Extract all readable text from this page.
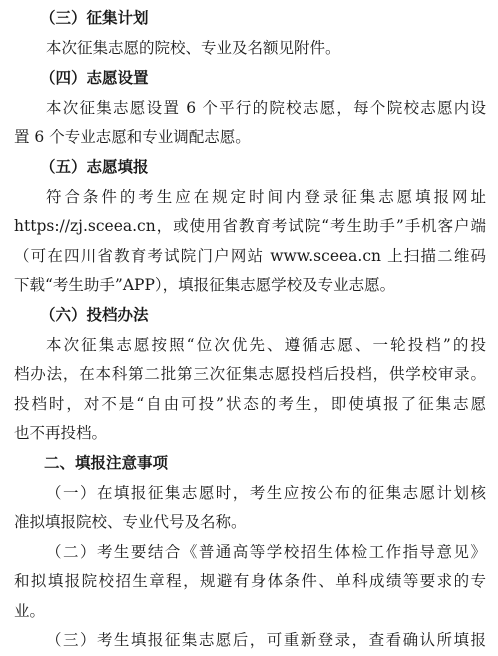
（三）征集计划
本次征集志愿的院校、专业及名额见附件。
（四）志愿设置
本次征集志愿设置 6 个平行的院校志愿，每个院校志愿内设
置 6 个专业志愿和专业调配志愿。
（五）志愿填报
符合条件的考生应在规定时间内登录征集志愿填报网址
https://zj.sceea.cn，或使用省教育考试院“考生助手”手机客户端
（可在四川省教育考试院门户网站 www.sceea.cn 上扫描二维码
下载“考生助手”APP），填报征集志愿学校及专业志愿。
（六）投档办法
本次征集志愿按照“位次优先、遵循志愿、一轮投档”的投
档办法，在本科第二批第三次征集志愿投档后投档，供学校审录。
投档时，对不是“自由可投”状态的考生，即使填报了征集志愿
也不再投档。
二、填报注意事项
（一）在填报征集志愿时，考生应按公布的征集志愿计划核
准拟填报院校、专业代号及名称。
（二）考生要结合《普通高等学校招生体检工作指导意见》
和拟填报院校招生章程，规避有身体条件、单科成绩等要求的专
业。
（三）考生填报征集志愿后，可重新登录，查看确认所填报
